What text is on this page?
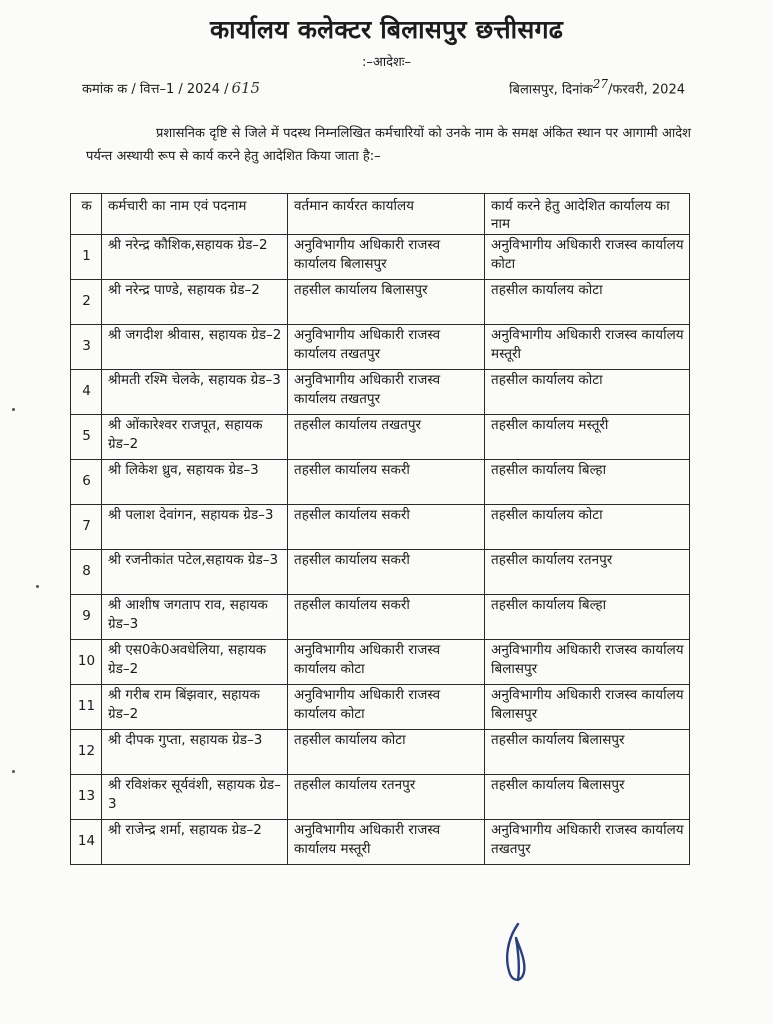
कार्यालय कलेक्टर बिलासपुर छत्तीसगढ
:–आदेशः–
कमांक क / वित्त–1 / 2024 / 615	बिलासपुर, दिनांक27/फरवरी, 2024
प्रशासनिक दृष्टि से जिले में पदस्थ निम्नलिखित कर्मचारियों को उनके नाम के समक्ष अंकित स्थान पर आगामी आदेश पर्यन्त अस्थायी रूप से कार्य करने हेतु आदेशित किया जाता है:–
क	कर्मचारी का नाम एवं पदनाम	वर्तमान कार्यरत कार्यालय	कार्य करने हेतु आदेशित कार्यालय का नाम
1	श्री नरेन्द्र कौशिक,सहायक ग्रेड–2	अनुविभागीय अधिकारी राजस्व कार्यालय बिलासपुर	अनुविभागीय अधिकारी राजस्व कार्यालय कोटा
2	श्री नरेन्द्र पाण्डे, सहायक ग्रेड–2	तहसील कार्यालय बिलासपुर	तहसील कार्यालय कोटा
3	श्री जगदीश श्रीवास, सहायक ग्रेड–2	अनुविभागीय अधिकारी राजस्व कार्यालय तखतपुर	अनुविभागीय अधिकारी राजस्व कार्यालय मस्तूरी
4	श्रीमती रश्मि चेलके, सहायक ग्रेड–3	अनुविभागीय अधिकारी राजस्व कार्यालय तखतपुर	तहसील कार्यालय कोटा
5	श्री ओंकारेश्वर राजपूत, सहायक ग्रेड–2	तहसील कार्यालय तखतपुर	तहसील कार्यालय मस्तूरी
6	श्री लिकेश ध्रुव, सहायक ग्रेड–3	तहसील कार्यालय सकरी	तहसील कार्यालय बिल्हा
7	श्री पलाश देवांगन, सहायक ग्रेड–3	तहसील कार्यालय सकरी	तहसील कार्यालय कोटा
8	श्री रजनीकांत पटेल,सहायक ग्रेड–3	तहसील कार्यालय सकरी	तहसील कार्यालय रतनपुर
9	श्री आशीष जगताप राव, सहायक ग्रेड–3	तहसील कार्यालय सकरी	तहसील कार्यालय बिल्हा
10	श्री एस0के0अवधेलिया, सहायक ग्रेड–2	अनुविभागीय अधिकारी राजस्व कार्यालय कोटा	अनुविभागीय अधिकारी राजस्व कार्यालय बिलासपुर
11	श्री गरीब राम बिंझवार, सहायक ग्रेड–2	अनुविभागीय अधिकारी राजस्व कार्यालय कोटा	अनुविभागीय अधिकारी राजस्व कार्यालय बिलासपुर
12	श्री दीपक गुप्ता, सहायक ग्रेड–3	तहसील कार्यालय कोटा	तहसील कार्यालय बिलासपुर
13	श्री रविशंकर सूर्यवंशी, सहायक ग्रेड–3	तहसील कार्यालय रतनपुर	तहसील कार्यालय बिलासपुर
14	श्री राजेन्द्र शर्मा, सहायक ग्रेड–2	अनुविभागीय अधिकारी राजस्व कार्यालय मस्तूरी	अनुविभागीय अधिकारी राजस्व कार्यालय तखतपुर
